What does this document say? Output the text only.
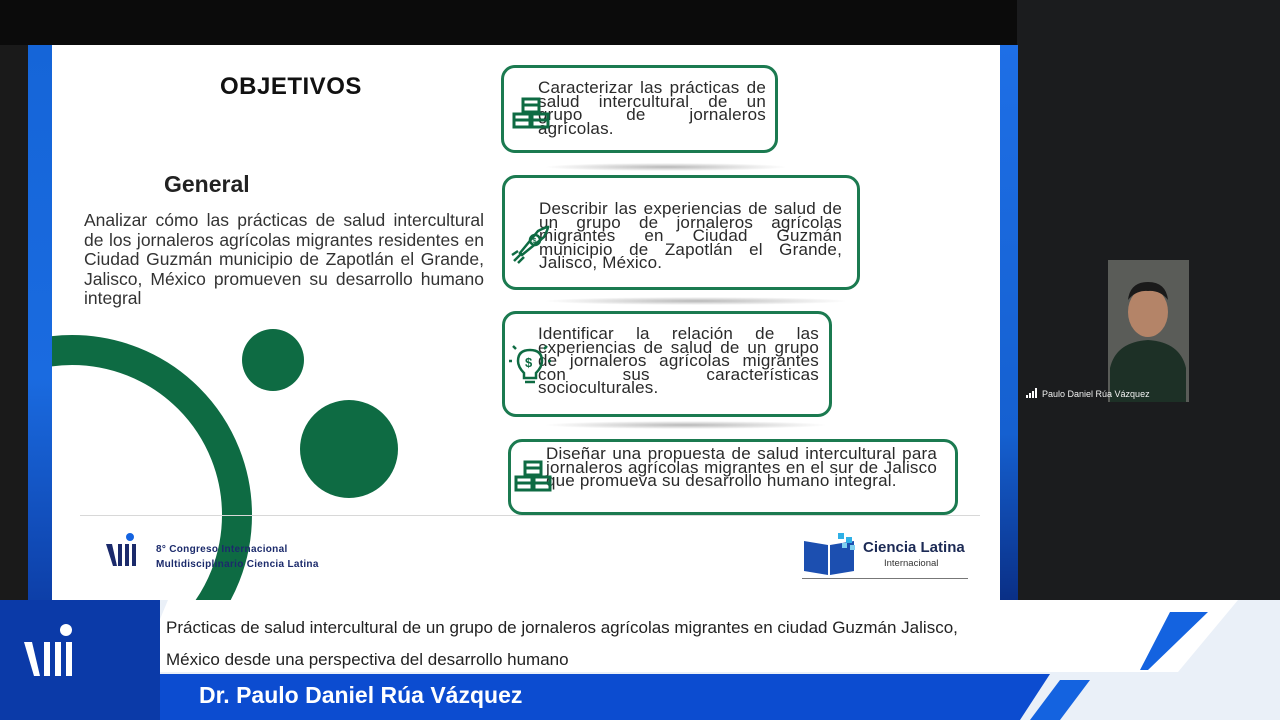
OBJETIVOS
General
Analizar cómo las prácticas de salud intercultural de los jornaleros agrícolas migrantes residentes en Ciudad Guzmán municipio de Zapotlán el Grande, Jalisco, México promueven su desarrollo humano integral
Caracterizar las prácticas de salud intercultural de un grupo de jornaleros agrícolas.
Describir las experiencias de salud de un grupo de jornaleros agrícolas migrantes en Ciudad Guzmán municipio de Zapotlán el Grande, Jalisco, México.
$
Identificar la relación de las experiencias de salud de un grupo de jornaleros agrícolas migrantes con sus características socioculturales.
$
Diseñar una propuesta de salud intercultural para jornaleros agrícolas migrantes en el sur de Jalisco que promueva su desarrollo humano integral.
8° Congreso Internacional
Multidisciplinario Ciencia Latina
Ciencia Latina
Internacional
Paulo Daniel Rúa Vázquez
Prácticas de salud intercultural de un grupo de jornaleros agrícolas migrantes en ciudad Guzmán Jalisco,
México desde una perspectiva del desarrollo humano
Dr. Paulo Daniel Rúa Vázquez
